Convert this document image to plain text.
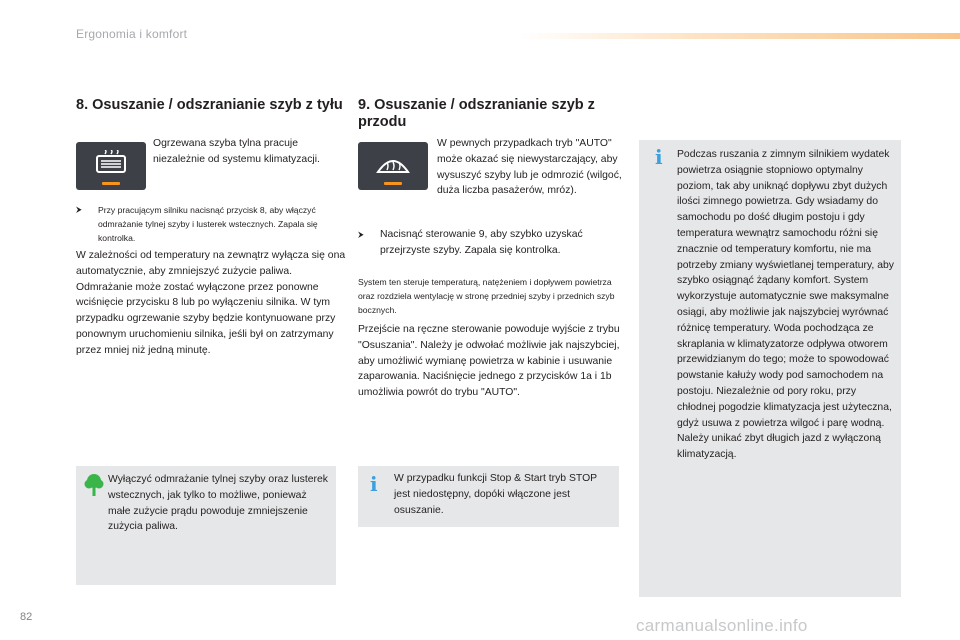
Ergonomia i komfort
8. Osuszanie / odszranianie szyb z tyłu

Ogrzewana szyba tylna pracuje niezależnie od systemu klimatyzacji.

⮞ Przy pracującym silniku nacisnąć przycisk 8, aby włączyć odmrażanie tylnej szyby i lusterek wstecznych. Zapala się kontrolka.

W zależności od temperatury na zewnątrz wyłącza się ona automatycznie, aby zmniejszyć zużycie paliwa. Odmrażanie może zostać wyłączone przez ponowne wciśnięcie przycisku 8 lub po wyłączeniu silnika. W tym przypadku ogrzewanie szyby będzie kontynuowane przy ponownym uruchomieniu silnika, jeśli był on zatrzymany przez mniej niż jedną minutę.

Wyłączyć odmrażanie tylnej szyby oraz lusterek wstecznych, jak tylko to możliwe, ponieważ małe zużycie prądu powoduje zmniejszenie zużycia paliwa.

9. Osuszanie / odszranianie szyb z przodu

W pewnych przypadkach tryb "AUTO" może okazać się niewystarczający, aby wysuszyć szyby lub je odmrozić (wilgoć, duża liczba pasażerów, mróz).

⮞ Nacisnąć sterowanie 9, aby szybko uzyskać przejrzyste szyby. Zapala się kontrolka.

System ten steruje temperaturą, natężeniem i dopływem powietrza oraz rozdziela wentylację w stronę przedniej szyby i przednich szyb bocznych.

Przejście na ręczne sterowanie powoduje wyjście z trybu "Osuszania". Należy je odwołać możliwie jak najszybciej, aby umożliwić wymianę powietrza w kabinie i usuwanie zaparowania. Naciśnięcie jednego z przycisków 1a i 1b umożliwia powrót do trybu "AUTO".

i W przypadku funkcji Stop & Start tryb STOP jest niedostępny, dopóki włączone jest osuszanie.

i Podczas ruszania z zimnym silnikiem wydatek powietrza osiągnie stopniowo optymalny poziom, tak aby uniknąć dopływu zbyt dużych ilości zimnego powietrza. Gdy wsiadamy do samochodu po dość długim postoju i gdy temperatura wewnątrz samochodu różni się znacznie od temperatury komfortu, nie ma potrzeby zmiany wyświetlanej temperatury, aby szybko osiągnąć żądany komfort. System wykorzystuje automatycznie swe maksymalne osiągi, aby możliwie jak najszybciej wyrównać różnicę temperatury. Woda pochodząca ze skraplania w klimatyzatorze odpływa otworem przewidzianym do tego; może to spowodować powstanie kałuży wody pod samochodem na postoju. Niezależnie od pory roku, przy chłodnej pogodzie klimatyzacja jest użyteczna, gdyż usuwa z powietrza wilgoć i parę wodną. Należy unikać zbyt długich jazd z wyłączoną klimatyzacją.

82	carmanualsonline.info
